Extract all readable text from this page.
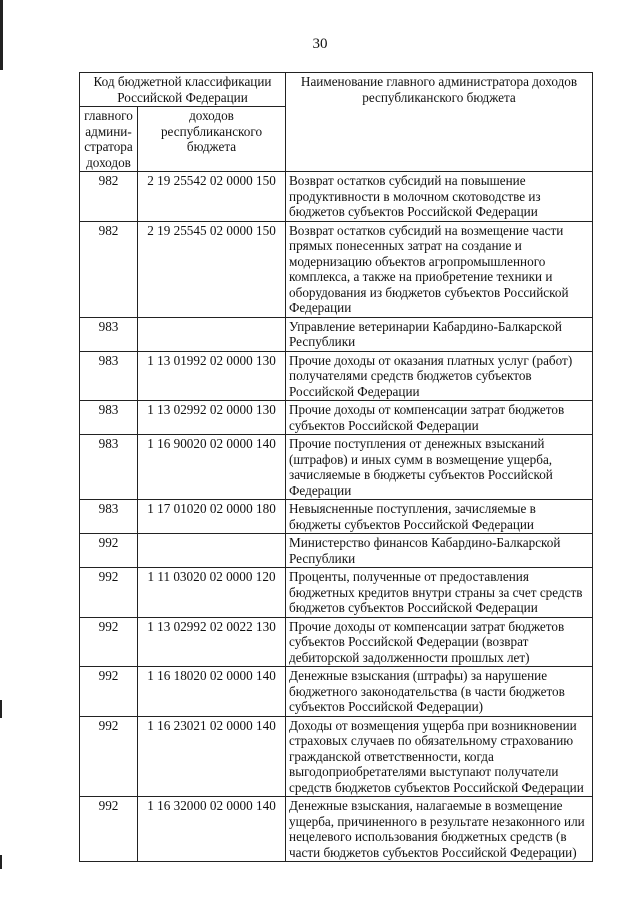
30
Код бюджетной классификации Российской Федерации		Наименование главного администратора доходов республиканского бюджета
главного админи-стратора доходов	доходов республиканского бюджета	
982	2 19 25542 02 0000 150	Возврат остатков субсидий на повышение продуктивности в молочном скотоводстве из бюджетов субъектов Российской Федерации
982	2 19 25545 02 0000 150	Возврат остатков субсидий на возмещение части прямых понесенных затрат на создание и модернизацию объектов агропромышленного комплекса, а также на приобретение техники и оборудования из бюджетов субъектов Российской Федерации
983		Управление ветеринарии Кабардино-Балкарской Республики
983	1 13 01992 02 0000 130	Прочие доходы от оказания платных услуг (работ) получателями средств бюджетов субъектов Российской Федерации
983	1 13 02992 02 0000 130	Прочие доходы от компенсации затрат бюджетов субъектов Российской Федерации
983	1 16 90020 02 0000 140	Прочие поступления от денежных взысканий (штрафов) и иных сумм в возмещение ущерба, зачисляемые в бюджеты субъектов Российской Федерации
983	1 17 01020 02 0000 180	Невыясненные поступления, зачисляемые в бюджеты субъектов Российской Федерации
992		Министерство финансов Кабардино-Балкарской Республики
992	1 11 03020 02 0000 120	Проценты, полученные от предоставления бюджетных кредитов внутри страны за счет средств бюджетов субъектов Российской Федерации
992	1 13 02992 02 0022 130	Прочие доходы от компенсации затрат бюджетов субъектов Российской Федерации (возврат дебиторской задолженности прошлых лет)
992	1 16 18020 02 0000 140	Денежные взыскания (штрафы) за нарушение бюджетного законодательства (в части бюджетов субъектов Российской Федерации)
992	1 16 23021 02 0000 140	Доходы от возмещения ущерба при возникновении страховых случаев по обязательному страхованию гражданской ответственности, когда выгодоприобретателями выступают получатели средств бюджетов субъектов Российской Федерации
992	1 16 32000 02 0000 140	Денежные взыскания, налагаемые в возмещение ущерба, причиненного в результате незаконного или нецелевого использования бюджетных средств (в части бюджетов субъектов Российской Федерации)
